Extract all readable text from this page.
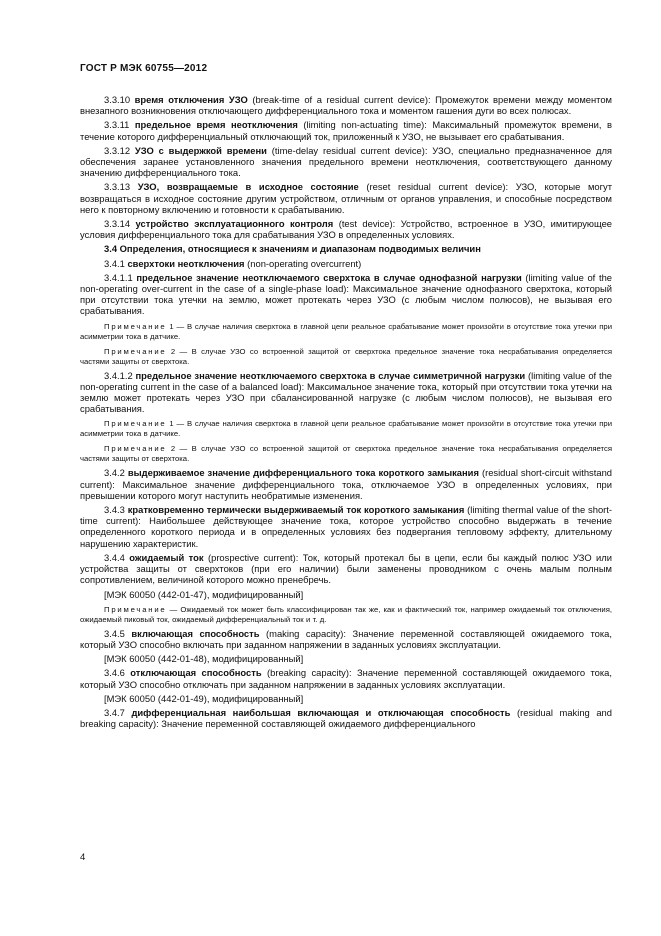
ГОСТ Р МЭК 60755—2012

3.3.10 время отключения УЗО (break-time of a residual current device): Промежуток времени между моментом внезапного возникновения отключающего дифференциального тока и моментом гашения дуги во всех полюсах.

3.3.11 предельное время неотключения (limiting non-actuating time): Максимальный промежуток времени, в течение которого дифференциальный отключающий ток, приложенный к УЗО, не вызывает его срабатывания.

3.3.12 УЗО с выдержкой времени (time-delay residual current device): УЗО, специально предназначенное для обеспечения заранее установленного значения предельного времени неотключения, соответствующего данному значению дифференциального тока.

3.3.13 УЗО, возвращаемые в исходное состояние (reset residual current device): УЗО, которые могут возвращаться в исходное состояние другим устройством, отличным от органов управления, и способные посредством него к повторному включению и готовности к срабатыванию.

3.3.14 устройство эксплуатационного контроля (test device): Устройство, встроенное в УЗО, имитирующее условия дифференциального тока для срабатывания УЗО в определенных условиях.

3.4 Определения, относящиеся к значениям и диапазонам подводимых величин

3.4.1 сверхтоки неотключения (non-operating overcurrent)

3.4.1.1 предельное значение неотключаемого сверхтока в случае однофазной нагрузки (limiting value of the non-operating over-current in the case of a single-phase load): Максимальное значение однофазного сверхтока, который при отсутствии тока утечки на землю, может протекать через УЗО (с любым числом полюсов), не вызывая его срабатывания.

Примечание 1 — В случае наличия сверхтока в главной цепи реальное срабатывание может произойти в отсутствие тока утечки при асимметрии тока в датчике.

Примечание 2 — В случае УЗО со встроенной защитой от сверхтока предельное значение тока несрабатывания определяется частями защиты от сверхтока.

3.4.1.2 предельное значение неотключаемого сверхтока в случае симметричной нагрузки (limiting value of the non-operating current in the case of a balanced load): Максимальное значение тока, который при отсутствии тока утечки на землю может протекать через УЗО при сбалансированной нагрузке (с любым числом полюсов), не вызывая его срабатывания.

Примечание 1 — В случае наличия сверхтока в главной цепи реальное срабатывание может произойти в отсутствие тока утечки при асимметрии тока в датчике.

Примечание 2 — В случае УЗО со встроенной защитой от сверхтока предельное значение тока несрабатывания определяется частями защиты от сверхтока.

3.4.2 выдерживаемое значение дифференциального тока короткого замыкания (residual short-circuit withstand current): Максимальное значение дифференциального тока, отключаемое УЗО в определенных условиях, при превышении которого могут наступить необратимые изменения.

3.4.3 кратковременно термически выдерживаемый ток короткого замыкания (limiting thermal value of the short-time current): Наибольшее действующее значение тока, которое устройство способно выдержать в течение определенного короткого периода и в определенных условиях без подвергания тепловому эффекту, длительному нарушению характеристик.

3.4.4 ожидаемый ток (prospective current): Ток, который протекал бы в цепи, если бы каждый полюс УЗО или устройства защиты от сверхтоков (при его наличии) были заменены проводником с очень малым полным сопротивлением, величиной которого можно пренебречь.

[МЭК 60050 (442-01-47), модифицированный]

Примечание — Ожидаемый ток может быть классифицирован так же, как и фактический ток, например ожидаемый ток отключения, ожидаемый пиковый ток, ожидаемый дифференциальный ток и т. д.

3.4.5 включающая способность (making capacity): Значение переменной составляющей ожидаемого тока, который УЗО способно включать при заданном напряжении в заданных условиях эксплуатации.

[МЭК 60050 (442-01-48), модифицированный]

3.4.6 отключающая способность (breaking capacity): Значение переменной составляющей ожидаемого тока, который УЗО способно отключать при заданном напряжении в заданных условиях эксплуатации.

[МЭК 60050 (442-01-49), модифицированный]

3.4.7 дифференциальная наибольшая включающая и отключающая способность (residual making and breaking capacity): Значение переменной составляющей ожидаемого дифференциального

4
